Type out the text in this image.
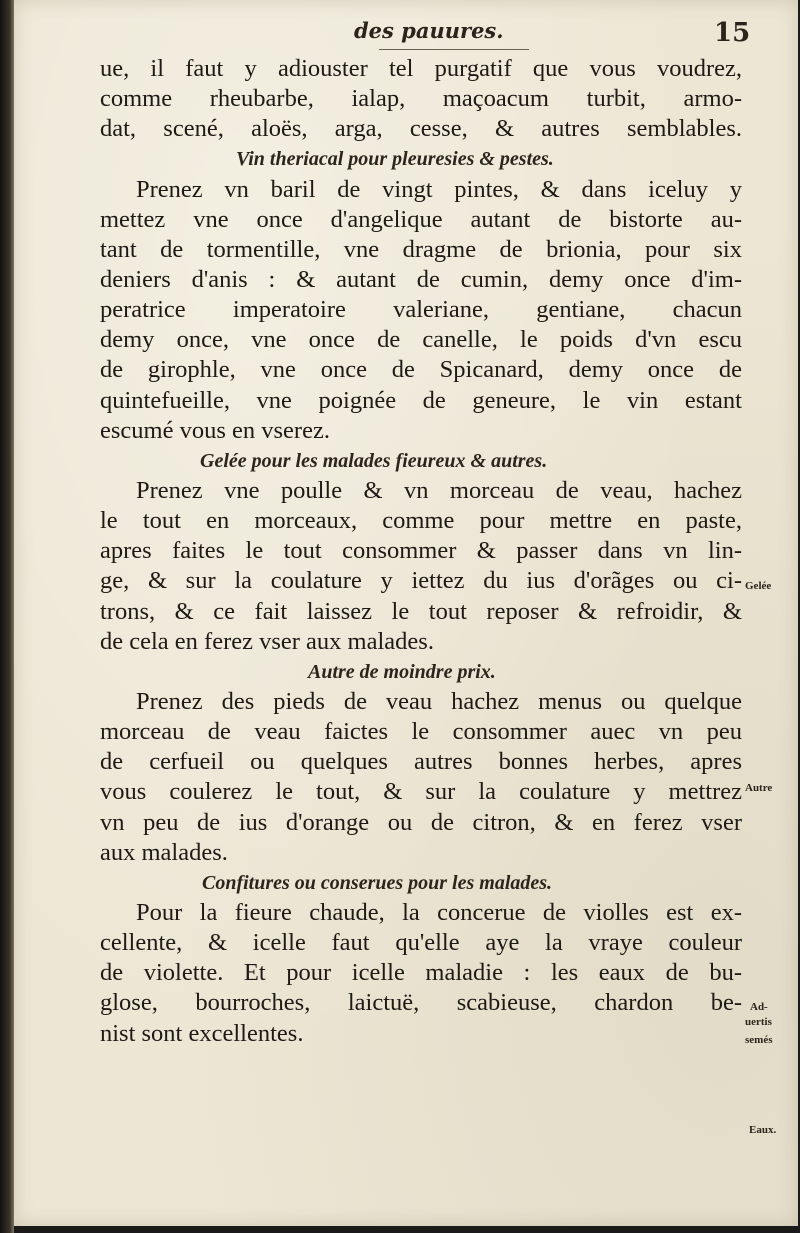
des pauures.	15
ue, il faut y adiouster tel purgatif que vous voudrez,
comme rheubarbe, ialap, maçoacum turbit, armo-
dat, scené, aloës, arga, cesse, & autres semblables.
Vin theriacal pour pleuresies & pestes.
Prenez vn baril de vingt pintes, & dans iceluy y
mettez vne once d'angelique autant de bistorte au-
tant de tormentille, vne dragme de brionia, pour six
deniers d'anis : & autant de cumin, demy once d'im-
peratrice imperatoire valeriane, gentiane, chacun
demy once, vne once de canelle, le poids d'vn escu
de girophle, vne once de Spicanard, demy once de
quintefueille, vne poignée de geneure, le vin estant
escumé vous en vserez.
Gelée pour les malades fieureux & autres.
Prenez vne poulle & vn morceau de veau, hachez
le tout en morceaux, comme pour mettre en paste,
apres faites le tout consommer & passer dans vn lin-
ge, & sur la coulature y iettez du ius d'orãges ou ci-
trons, & ce fait laissez le tout reposer & refroidir, &
de cela en ferez vser aux malades.
Autre de moindre prix.
Prenez des pieds de veau hachez menus ou quelque
morceau de veau faictes le consommer auec vn peu
de cerfueil ou quelques autres bonnes herbes, apres
vous coulerez le tout, & sur la coulature y mettrez
vn peu de ius d'orange ou de citron, & en ferez vser
aux malades.
Confitures ou conserues pour les malades.
Pour la fieure chaude, la concerue de violles est ex-
cellente, & icelle faut qu'elle aye la vraye couleur
de violette. Et pour icelle maladie : les eaux de bu-
glose, bourroches, laictuë, scabieuse, chardon be-
nist sont excellentes.
Gelée
Autre
Ad-
uertis
semés
Eaux.
